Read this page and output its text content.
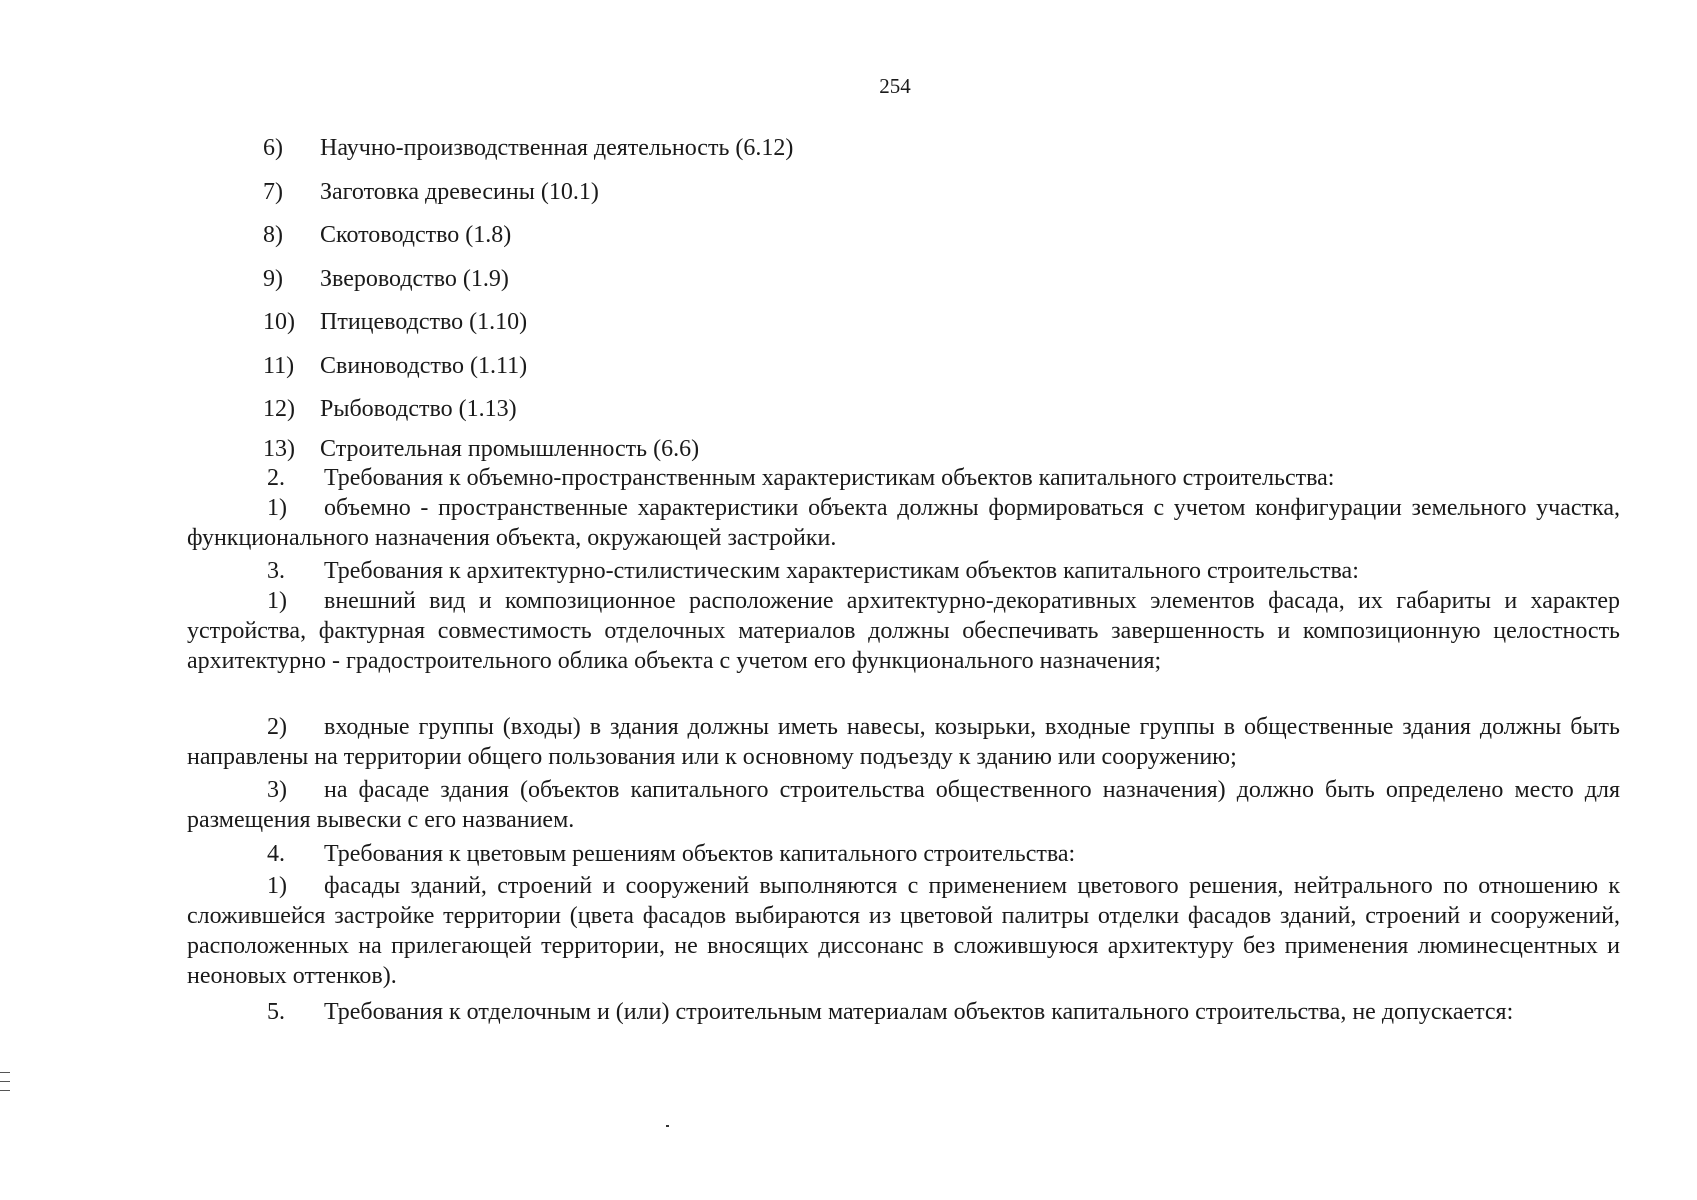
254
6) Научно-производственная деятельность (6.12)
7) Заготовка древесины (10.1)
8) Скотоводство (1.8)
9) Звероводство (1.9)
10) Птицеводство (1.10)
11) Свиноводство (1.11)
12) Рыбоводство (1.13)
13) Строительная промышленность (6.6)
2. Требования к объемно-пространственным характеристикам объектов капитального строительства:
1) объемно - пространственные характеристики объекта должны формироваться с учетом конфигурации земельного участка, функционального назначения объекта, окружающей застройки.
3. Требования к архитектурно-стилистическим характеристикам объектов капитального строительства:
1) внешний вид и композиционное расположение архитектурно-декоративных элементов фасада, их габариты и характер устройства, фактурная совместимость отделочных материалов должны обеспечивать завершенность и композиционную целостность архитектурно - градостроительного облика объекта с учетом его функционального назначения;
2) входные группы (входы) в здания должны иметь навесы, козырьки, входные группы в общественные здания должны быть направлены на территории общего пользования или к основному подъезду к зданию или сооружению;
3) на фасаде здания (объектов капитального строительства общественного назначения) должно быть определено место для размещения вывески с его названием.
4. Требования к цветовым решениям объектов капитального строительства:
1) фасады зданий, строений и сооружений выполняются с применением цветового решения, нейтрального по отношению к сложившейся застройке территории (цвета фасадов выбираются из цветовой палитры отделки фасадов зданий, строений и сооружений, расположенных на прилегающей территории, не вносящих диссонанс в сложившуюся архитектуру без применения люминесцентных и неоновых оттенков).
5. Требования к отделочным и (или) строительным материалам объектов капитального строительства, не допускается:
